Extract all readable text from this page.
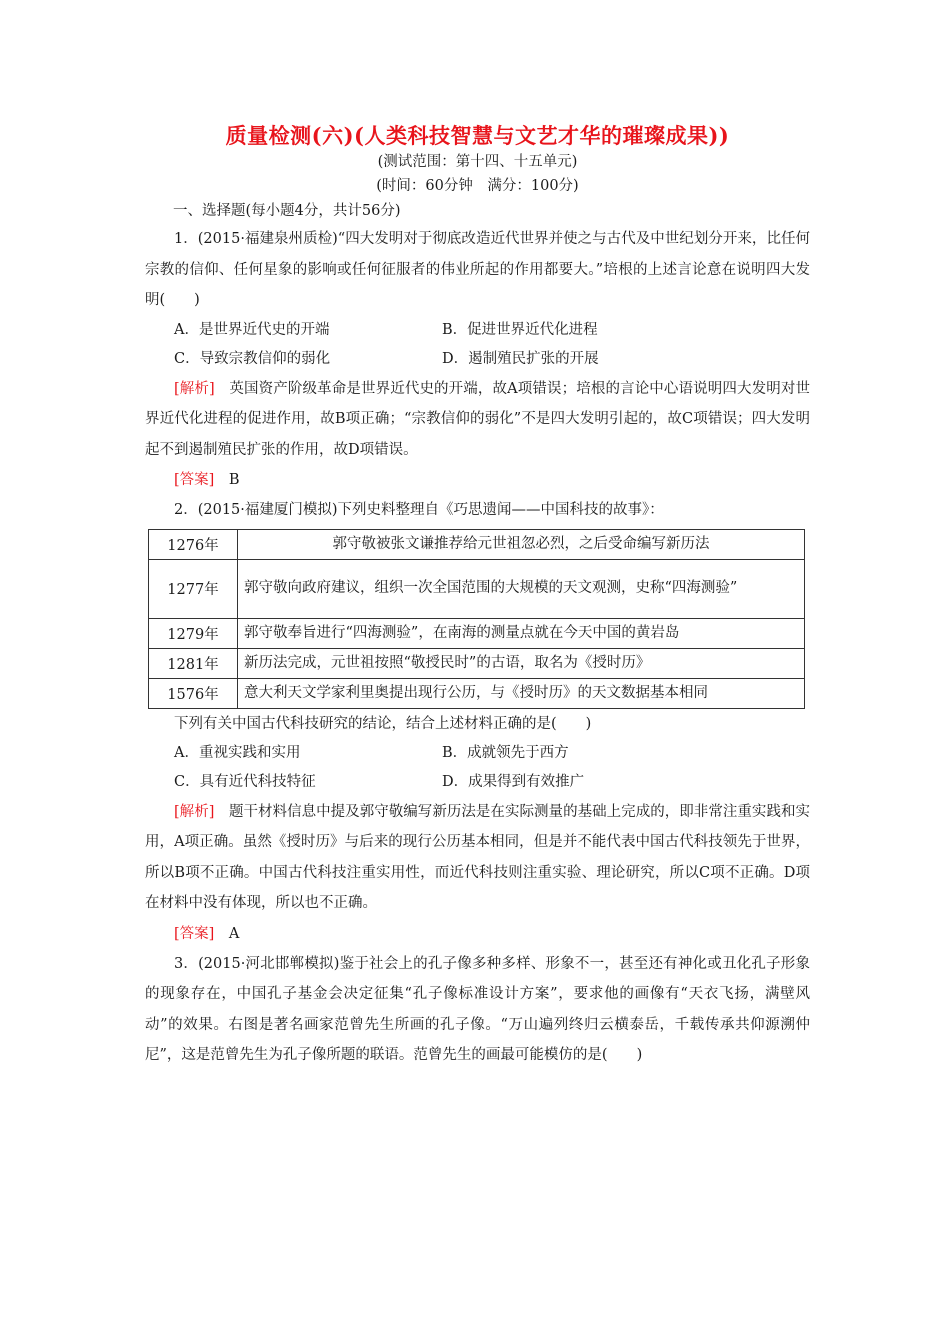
质量检测(六)(人类科技智慧与文艺才华的璀璨成果))

(测试范围：第十四、十五单元)

(时间：60分钟　满分：100分)

一、选择题(每小题4分，共计56分)

1．(2015·福建泉州质检)“四大发明对于彻底改造近代世界并使之与古代及中世纪划分开来，比任何宗教的信仰、任何星象的影响或任何征服者的伟业所起的作用都要大。”培根的上述言论意在说明四大发明(　　)

A．是世界近代史的开端	B．促进世界近代化进程
C．导致宗教信仰的弱化	D．遏制殖民扩张的开展

[解析]　英国资产阶级革命是世界近代史的开端，故A项错误；培根的言论中心语说明四大发明对世界近代化进程的促进作用，故B项正确；“宗教信仰的弱化”不是四大发明引起的，故C项错误；四大发明起不到遏制殖民扩张的作用，故D项错误。

[答案]　B

2．(2015·福建厦门模拟)下列史料整理自《巧思遗闻——中国科技的故事》：

1276年	郭守敬被张文谦推荐给元世祖忽必烈，之后受命编写新历法
1277年	郭守敬向政府建议，组织一次全国范围的大规模的天文观测，史称“四海测验”
1279年	郭守敬奉旨进行“四海测验”，在南海的测量点就在今天中国的黄岩岛
1281年	新历法完成，元世祖按照“敬授民时”的古语，取名为《授时历》
1576年	意大利天文学家利里奥提出现行公历，与《授时历》的天文数据基本相同

下列有关中国古代科技研究的结论，结合上述材料正确的是(　　)

A．重视实践和实用	B．成就领先于西方
C．具有近代科技特征	D．成果得到有效推广

[解析]　题干材料信息中提及郭守敬编写新历法是在实际测量的基础上完成的，即非常注重实践和实用，A项正确。虽然《授时历》与后来的现行公历基本相同，但是并不能代表中国古代科技领先于世界，所以B项不正确。中国古代科技注重实用性，而近代科技则注重实验、理论研究，所以C项不正确。D项在材料中没有体现，所以也不正确。

[答案]　A

3．(2015·河北邯郸模拟)鉴于社会上的孔子像多种多样、形象不一，甚至还有神化或丑化孔子形象的现象存在，中国孔子基金会决定征集“孔子像标准设计方案”，要求他的画像有“天衣飞扬，满壁风动”的效果。右图是著名画家范曾先生所画的孔子像。“万山遍列终归云横泰岳，千载传承共仰源溯仲尼”，这是范曾先生为孔子像所题的联语。范曾先生的画最可能模仿的是(　　)
